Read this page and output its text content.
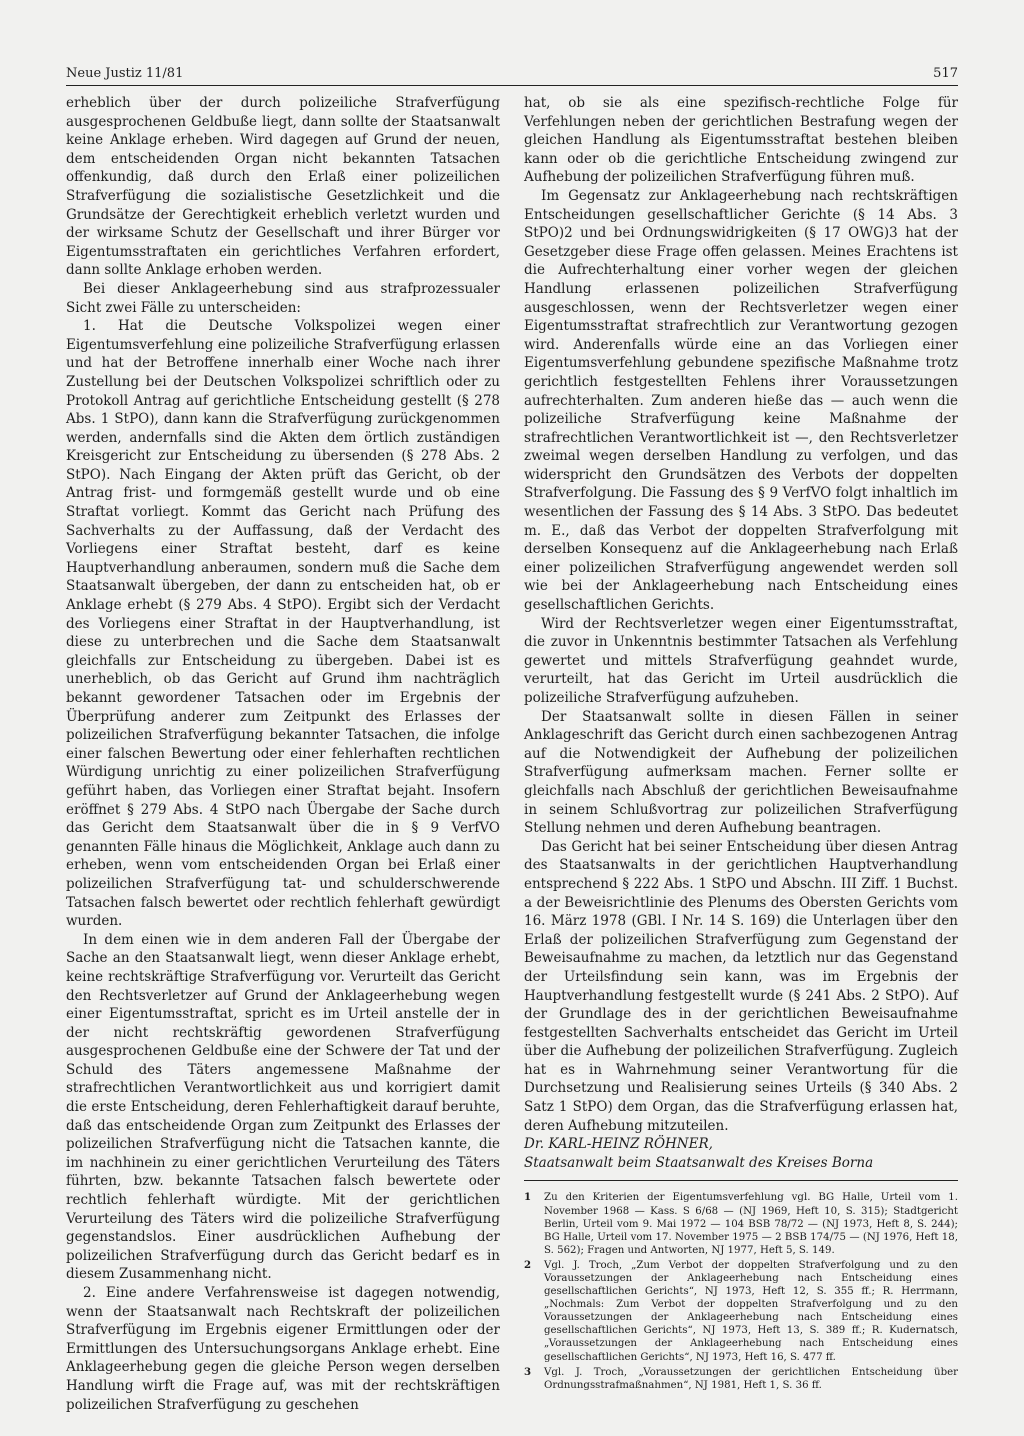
Neue Justiz 11/81	517

erheblich über der durch polizeiliche Strafverfügung ausgesprochenen Geldbuße liegt, dann sollte der Staatsanwalt keine Anklage erheben. Wird dagegen auf Grund der neuen, dem entscheidenden Organ nicht bekannten Tatsachen offenkundig, daß durch den Erlaß einer polizeilichen Strafverfügung die sozialistische Gesetzlichkeit und die Grundsätze der Gerechtigkeit erheblich verletzt wurden und der wirksame Schutz der Gesellschaft und ihrer Bürger vor Eigentumsstraftaten ein gerichtliches Verfahren erfordert, dann sollte Anklage erhoben werden.

Bei dieser Anklageerhebung sind aus strafprozessualer Sicht zwei Fälle zu unterscheiden:

1. Hat die Deutsche Volkspolizei wegen einer Eigentumsverfehlung eine polizeiliche Strafverfügung erlassen und hat der Betroffene innerhalb einer Woche nach ihrer Zustellung bei der Deutschen Volkspolizei schriftlich oder zu Protokoll Antrag auf gerichtliche Entscheidung gestellt (§ 278 Abs. 1 StPO), dann kann die Strafverfügung zurückgenommen werden, andernfalls sind die Akten dem örtlich zuständigen Kreisgericht zur Entscheidung zu übersenden (§ 278 Abs. 2 StPO). Nach Eingang der Akten prüft das Gericht, ob der Antrag frist- und formgemäß gestellt wurde und ob eine Straftat vorliegt. Kommt das Gericht nach Prüfung des Sachverhalts zu der Auffassung, daß der Verdacht des Vorliegens einer Straftat besteht, darf es keine Hauptverhandlung anberaumen, sondern muß die Sache dem Staatsanwalt übergeben, der dann zu entscheiden hat, ob er Anklage erhebt (§ 279 Abs. 4 StPO). Ergibt sich der Verdacht des Vorliegens einer Straftat in der Hauptverhandlung, ist diese zu unterbrechen und die Sache dem Staatsanwalt gleichfalls zur Entscheidung zu übergeben. Dabei ist es unerheblich, ob das Gericht auf Grund ihm nachträglich bekannt gewordener Tatsachen oder im Ergebnis der Überprüfung anderer zum Zeitpunkt des Erlasses der polizeilichen Strafverfügung bekannter Tatsachen, die infolge einer falschen Bewertung oder einer fehlerhaften rechtlichen Würdigung unrichtig zu einer polizeilichen Strafverfügung geführt haben, das Vorliegen einer Straftat bejaht. Insofern eröffnet § 279 Abs. 4 StPO nach Übergabe der Sache durch das Gericht dem Staatsanwalt über die in § 9 VerfVO genannten Fälle hinaus die Möglichkeit, Anklage auch dann zu erheben, wenn vom entscheidenden Organ bei Erlaß einer polizeilichen Strafverfügung tat- und schulderschwerende Tatsachen falsch bewertet oder rechtlich fehlerhaft gewürdigt wurden.

In dem einen wie in dem anderen Fall der Übergabe der Sache an den Staatsanwalt liegt, wenn dieser Anklage erhebt, keine rechtskräftige Strafverfügung vor. Verurteilt das Gericht den Rechtsverletzer auf Grund der Anklageerhebung wegen einer Eigentumsstraftat, spricht es im Urteil anstelle der in der nicht rechtskräftig gewordenen Strafverfügung ausgesprochenen Geldbuße eine der Schwere der Tat und der Schuld des Täters angemessene Maßnahme der strafrechtlichen Verantwortlichkeit aus und korrigiert damit die erste Entscheidung, deren Fehlerhaftigkeit darauf beruhte, daß das entscheidende Organ zum Zeitpunkt des Erlasses der polizeilichen Strafverfügung nicht die Tatsachen kannte, die im nachhinein zu einer gerichtlichen Verurteilung des Täters führten, bzw. bekannte Tatsachen falsch bewertete oder rechtlich fehlerhaft würdigte. Mit der gerichtlichen Verurteilung des Täters wird die polizeiliche Strafverfügung gegenstandslos. Einer ausdrücklichen Aufhebung der polizeilichen Strafverfügung durch das Gericht bedarf es in diesem Zusammenhang nicht.

2. Eine andere Verfahrensweise ist dagegen notwendig, wenn der Staatsanwalt nach Rechtskraft der polizeilichen Strafverfügung im Ergebnis eigener Ermittlungen oder der Ermittlungen des Untersuchungsorgans Anklage erhebt. Eine Anklageerhebung gegen die gleiche Person wegen derselben Handlung wirft die Frage auf, was mit der rechtskräftigen polizeilichen Strafverfügung zu geschehen

hat, ob sie als eine spezifisch-rechtliche Folge für Verfehlungen neben der gerichtlichen Bestrafung wegen der gleichen Handlung als Eigentumsstraftat bestehen bleiben kann oder ob die gerichtliche Entscheidung zwingend zur Aufhebung der polizeilichen Strafverfügung führen muß.

Im Gegensatz zur Anklageerhebung nach rechtskräftigen Entscheidungen gesellschaftlicher Gerichte (§ 14 Abs. 3 StPO)2 und bei Ordnungswidrigkeiten (§ 17 OWG)3 hat der Gesetzgeber diese Frage offen gelassen. Meines Erachtens ist die Aufrechterhaltung einer vorher wegen der gleichen Handlung erlassenen polizeilichen Strafverfügung ausgeschlossen, wenn der Rechtsverletzer wegen einer Eigentumsstraftat strafrechtlich zur Verantwortung gezogen wird. Anderenfalls würde eine an das Vorliegen einer Eigentumsverfehlung gebundene spezifische Maßnahme trotz gerichtlich festgestellten Fehlens ihrer Voraussetzungen aufrechterhalten. Zum anderen hieße das — auch wenn die polizeiliche Strafverfügung keine Maßnahme der strafrechtlichen Verantwortlichkeit ist —, den Rechtsverletzer zweimal wegen derselben Handlung zu verfolgen, und das widerspricht den Grundsätzen des Verbots der doppelten Strafverfolgung. Die Fassung des § 9 VerfVO folgt inhaltlich im wesentlichen der Fassung des § 14 Abs. 3 StPO. Das bedeutet m. E., daß das Verbot der doppelten Strafverfolgung mit derselben Konsequenz auf die Anklageerhebung nach Erlaß einer polizeilichen Strafverfügung angewendet werden soll wie bei der Anklageerhebung nach Entscheidung eines gesellschaftlichen Gerichts.

Wird der Rechtsverletzer wegen einer Eigentumsstraftat, die zuvor in Unkenntnis bestimmter Tatsachen als Verfehlung gewertet und mittels Strafverfügung geahndet wurde, verurteilt, hat das Gericht im Urteil ausdrücklich die polizeiliche Strafverfügung aufzuheben.

Der Staatsanwalt sollte in diesen Fällen in seiner Anklageschrift das Gericht durch einen sachbezogenen Antrag auf die Notwendigkeit der Aufhebung der polizeilichen Strafverfügung aufmerksam machen. Ferner sollte er gleichfalls nach Abschluß der gerichtlichen Beweisaufnahme in seinem Schlußvortrag zur polizeilichen Strafverfügung Stellung nehmen und deren Aufhebung beantragen.

Das Gericht hat bei seiner Entscheidung über diesen Antrag des Staatsanwalts in der gerichtlichen Hauptverhandlung entsprechend § 222 Abs. 1 StPO und Abschn. III Ziff. 1 Buchst. a der Beweisrichtlinie des Plenums des Obersten Gerichts vom 16. März 1978 (GBl. I Nr. 14 S. 169) die Unterlagen über den Erlaß der polizeilichen Strafverfügung zum Gegenstand der Beweisaufnahme zu machen, da letztlich nur das Gegenstand der Urteilsfindung sein kann, was im Ergebnis der Hauptverhandlung festgestellt wurde (§ 241 Abs. 2 StPO). Auf der Grundlage des in der gerichtlichen Beweisaufnahme festgestellten Sachverhalts entscheidet das Gericht im Urteil über die Aufhebung der polizeilichen Strafverfügung. Zugleich hat es in Wahrnehmung seiner Verantwortung für die Durchsetzung und Realisierung seines Urteils (§ 340 Abs. 2 Satz 1 StPO) dem Organ, das die Strafverfügung erlassen hat, deren Aufhebung mitzuteilen.

Dr. KARL-HEINZ RÖHNER,

Staatsanwalt beim Staatsanwalt des Kreises Borna

1 Zu den Kriterien der Eigentumsverfehlung vgl. BG Halle, Urteil vom 1. November 1968 — Kass. S 6/68 — (NJ 1969, Heft 10, S. 315); Stadtgericht Berlin, Urteil vom 9. Mai 1972 — 104 BSB 78/72 — (NJ 1973, Heft 8, S. 244); BG Halle, Urteil vom 17. November 1975 — 2 BSB 174/75 — (NJ 1976, Heft 18, S. 562); Fragen und Antworten, NJ 1977, Heft 5, S. 149.
2 Vgl. J. Troch, „Zum Verbot der doppelten Strafverfolgung und zu den Voraussetzungen der Anklageerhebung nach Entscheidung eines gesellschaftlichen Gerichts“, NJ 1973, Heft 12, S. 355 ff.; R. Herrmann, „Nochmals: Zum Verbot der doppelten Strafverfolgung und zu den Voraussetzungen der Anklageerhebung nach Entscheidung eines gesellschaftlichen Gerichts“, NJ 1973, Heft 13, S. 389 ff.; R. Kudernatsch, „Voraussetzungen der Anklageerhebung nach Entscheidung eines gesellschaftlichen Gerichts“, NJ 1973, Heft 16, S. 477 ff.
3 Vgl. J. Troch, „Voraussetzungen der gerichtlichen Entscheidung über Ordnungsstrafmaßnahmen“, NJ 1981, Heft 1, S. 36 ff.
